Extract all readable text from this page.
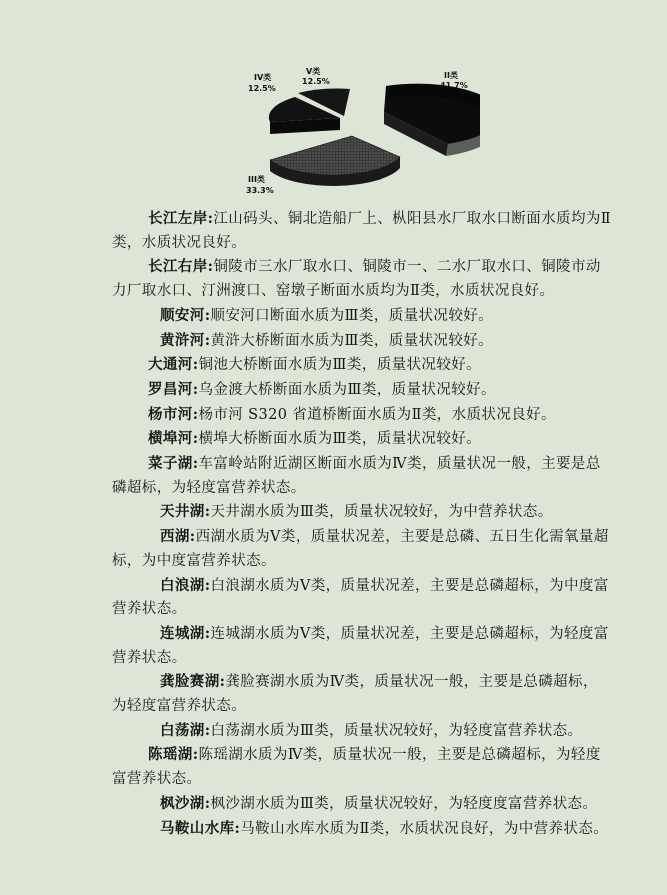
V类
12.5%
IV类
12.5%
II类
41.7%
III类
33.3%

长江左岸:江山码头、铜北造船厂上、枞阳县水厂取水口断面水质均为Ⅱ类，水质状况良好。

长江右岸:铜陵市三水厂取水口、铜陵市一、二水厂取水口、铜陵市动力厂取水口、汀洲渡口、窑墩子断面水质均为Ⅱ类，水质状况良好。

顺安河:顺安河口断面水质为Ⅲ类，质量状况较好。

黄浒河:黄浒大桥断面水质为Ⅲ类，质量状况较好。

大通河:铜池大桥断面水质为Ⅲ类，质量状况较好。

罗昌河:乌金渡大桥断面水质为Ⅲ类，质量状况较好。

杨市河:杨市河 S320 省道桥断面水质为Ⅱ类，水质状况良好。

横埠河:横埠大桥断面水质为Ⅲ类，质量状况较好。

菜子湖:车富岭站附近湖区断面水质为Ⅳ类，质量状况一般，主要是总磷超标，为轻度富营养状态。

天井湖:天井湖水质为Ⅲ类，质量状况较好，为中营养状态。

西湖:西湖水质为Ⅴ类，质量状况差，主要是总磷、五日生化需氧量超标，为中度富营养状态。

白浪湖:白浪湖水质为Ⅴ类，质量状况差，主要是总磷超标，为中度富营养状态。

连城湖:连城湖水质为Ⅴ类，质量状况差，主要是总磷超标，为轻度富营养状态。

龚脸赛湖:龚脸赛湖水质为Ⅳ类，质量状况一般，主要是总磷超标，为轻度富营养状态。

白荡湖:白荡湖水质为Ⅲ类，质量状况较好，为轻度富营养状态。

陈瑶湖:陈瑶湖水质为Ⅳ类，质量状况一般，主要是总磷超标，为轻度富营养状态。

枫沙湖:枫沙湖水质为Ⅲ类，质量状况较好，为轻度度富营养状态。

马鞍山水库:马鞍山水库水质为Ⅱ类，水质状况良好，为中营养状态。
